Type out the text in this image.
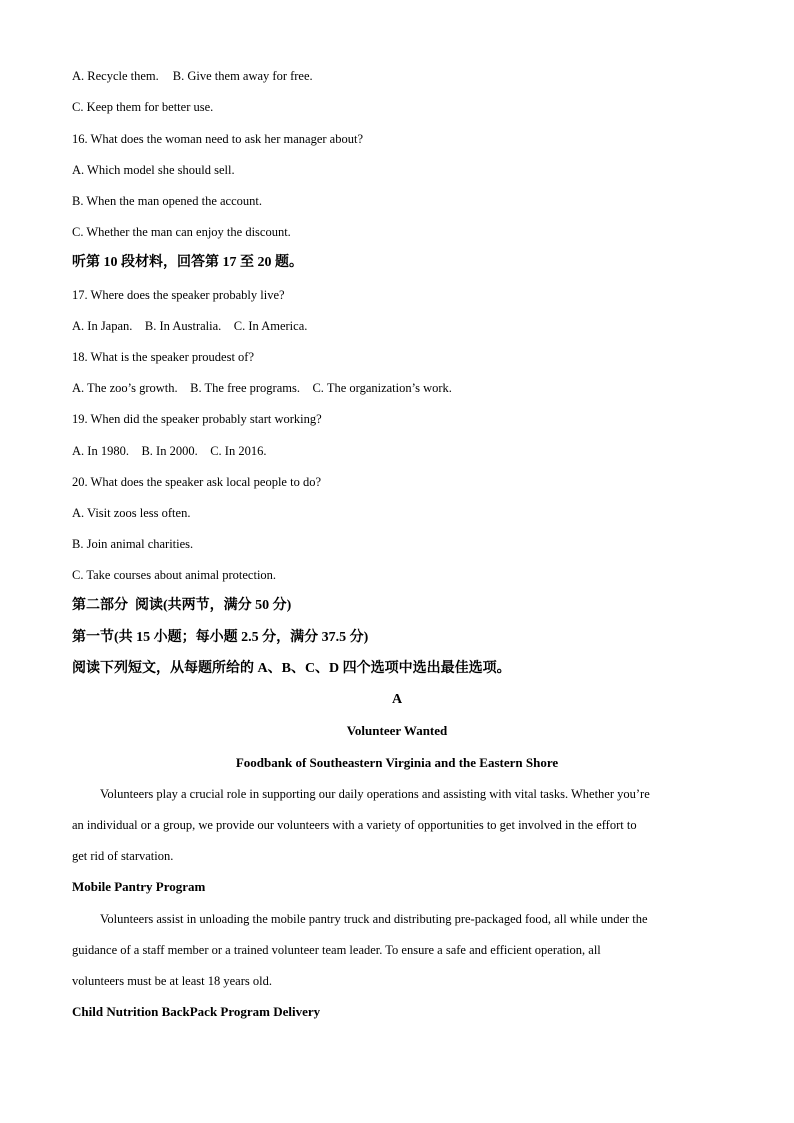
A. Recycle them. B. Give them away for free.
C. Keep them for better use.
16. What does the woman need to ask her manager about?
A. Which model she should sell.
B. When the man opened the account.
C. Whether the man can enjoy the discount.
听第 10 段材料，回答第 17 至 20 题。
17. Where does the speaker probably live?
A. In Japan.    B. In Australia.    C. In America.
18. What is the speaker proudest of?
A. The zoo’s growth.    B. The free programs.    C. The organization’s work.
19. When did the speaker probably start working?
A. In 1980.    B. In 2000.    C. In 2016.
20. What does the speaker ask local people to do?
A. Visit zoos less often.
B. Join animal charities.
C. Take courses about animal protection.
第二部分  阅读(共两节，满分 50 分)
第一节(共 15 小题；每小题 2.5 分，满分 37.5 分)
阅读下列短文，从每题所给的 A、B、C、D 四个选项中选出最佳选项。
A
Volunteer Wanted
Foodbank of Southeastern Virginia and the Eastern Shore
Volunteers play a crucial role in supporting our daily operations and assisting with vital tasks. Whether you’re
an individual or a group, we provide our volunteers with a variety of opportunities to get involved in the effort to
get rid of starvation.
Mobile Pantry Program
Volunteers assist in unloading the mobile pantry truck and distributing pre-packaged food, all while under the
guidance of a staff member or a trained volunteer team leader. To ensure a safe and efficient operation, all
volunteers must be at least 18 years old.
Child Nutrition BackPack Program Delivery
